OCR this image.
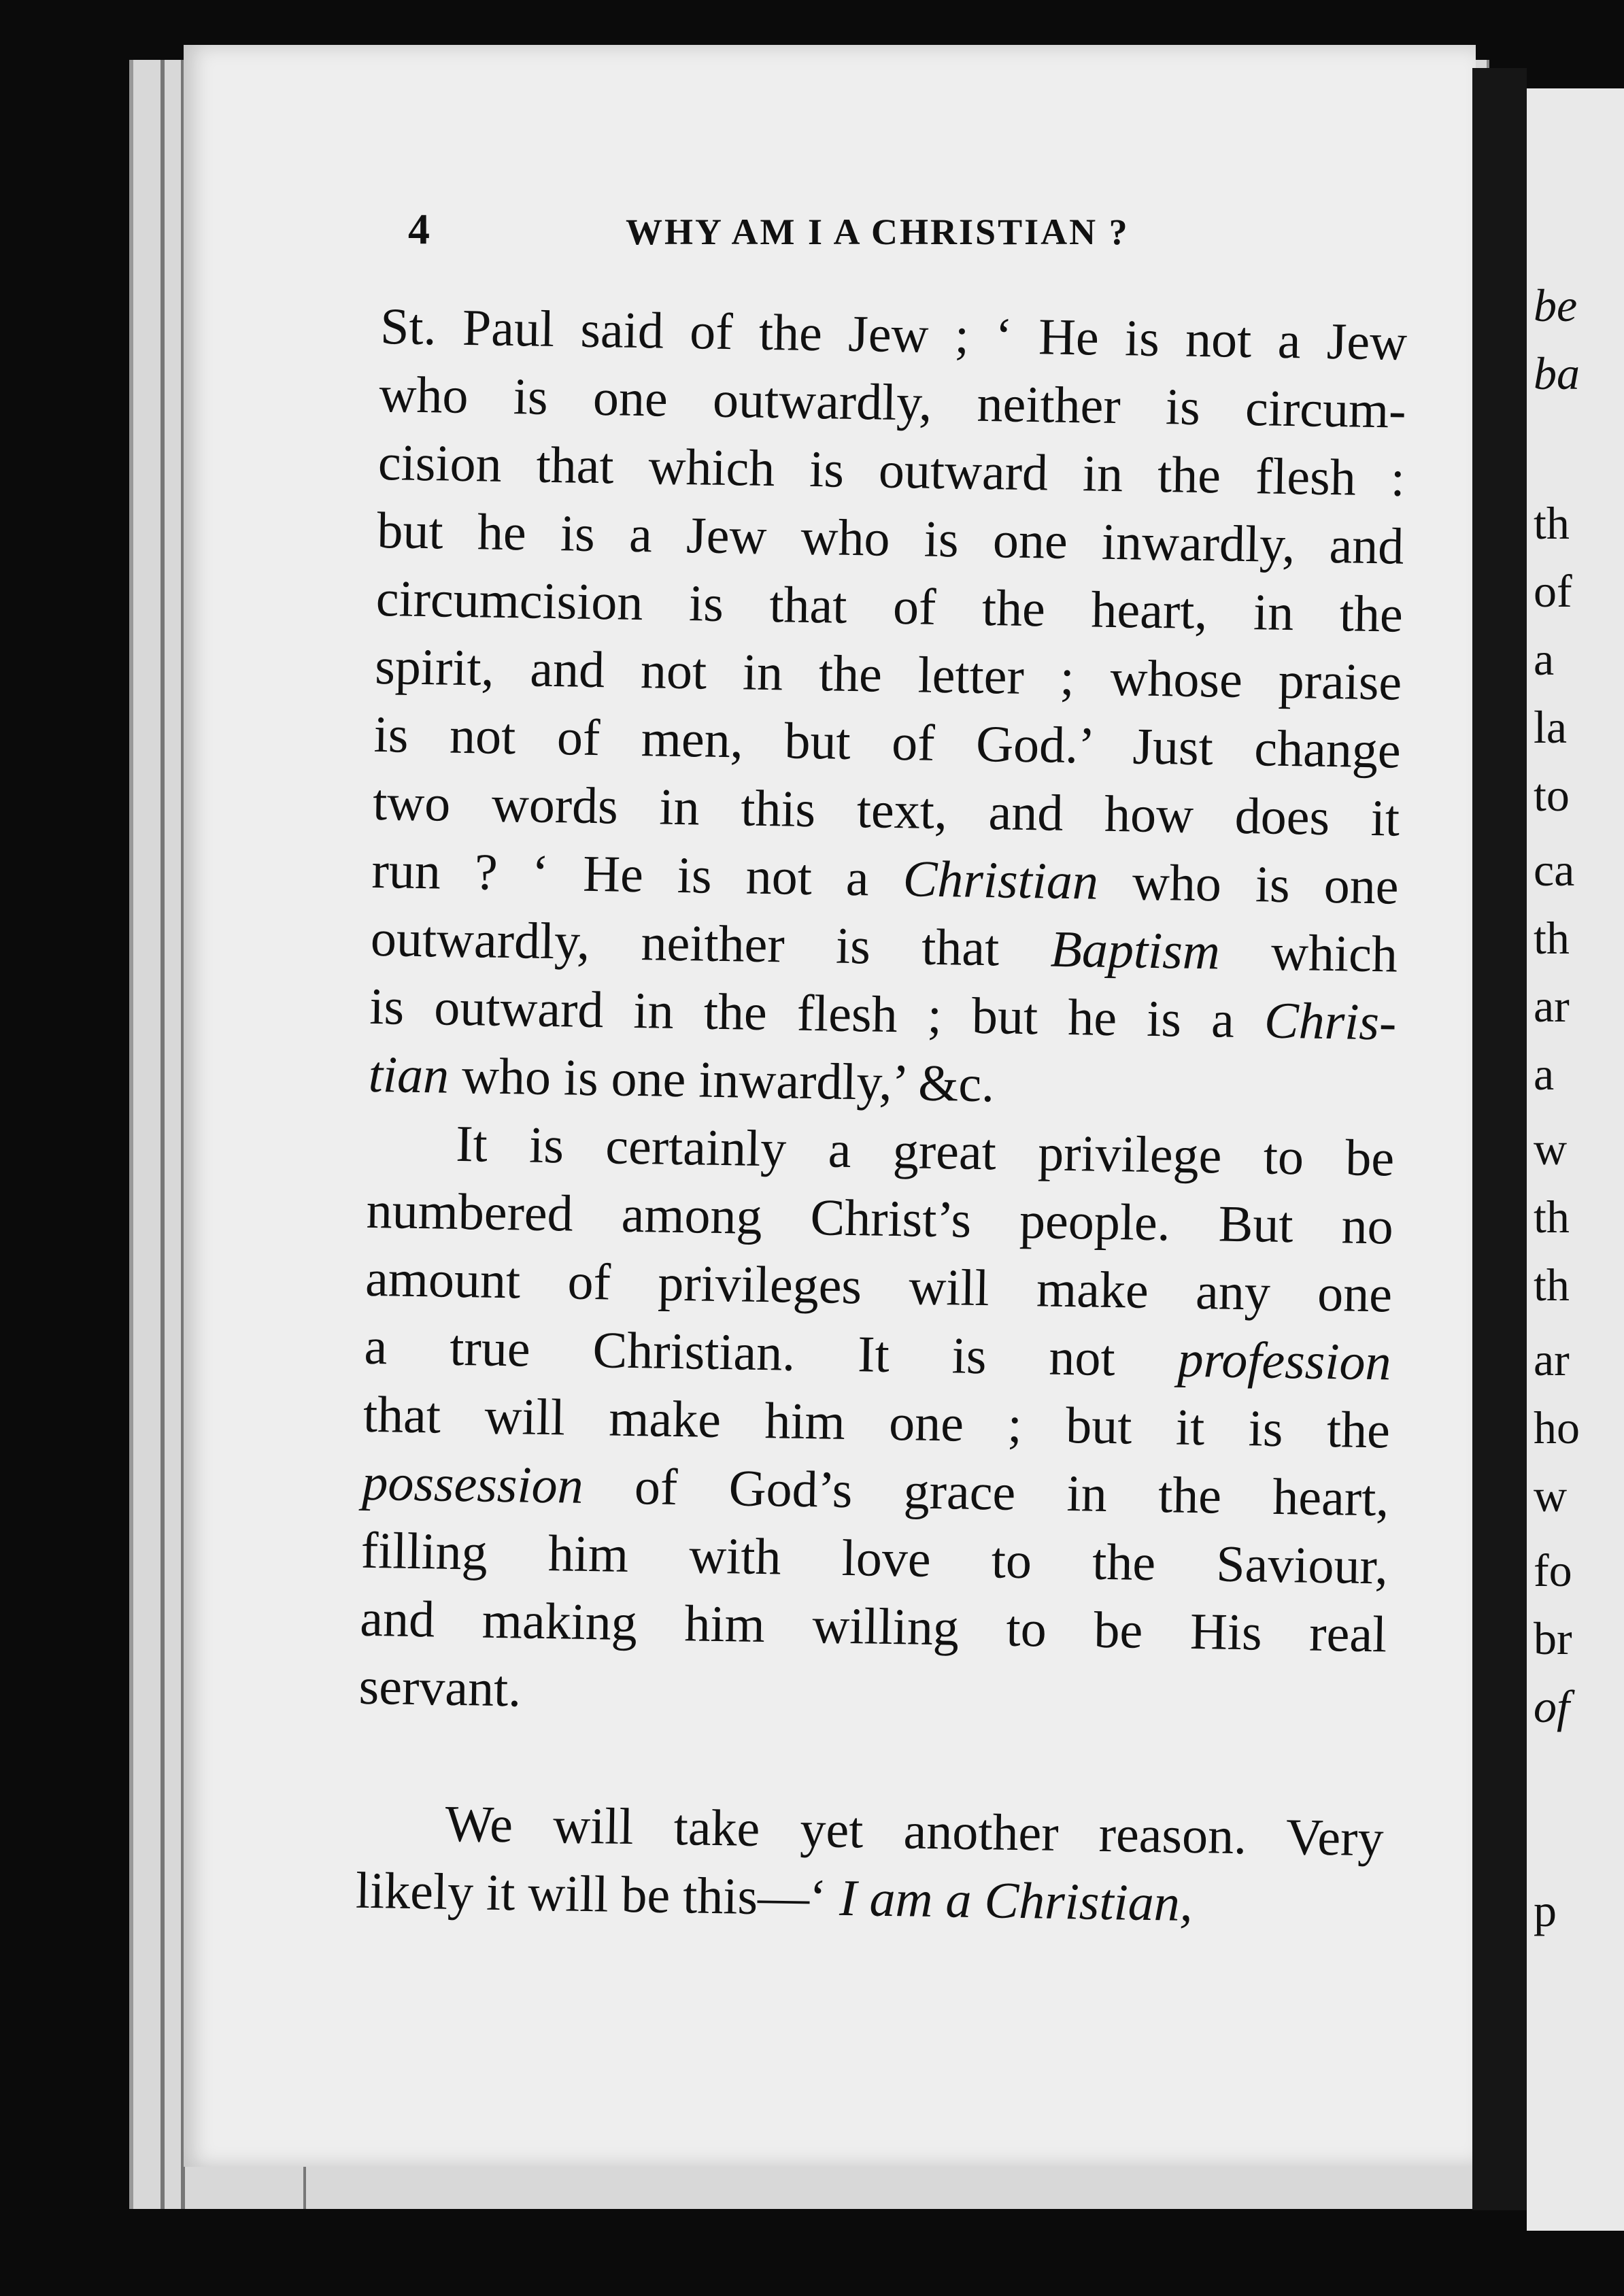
be
ba
th
of
a
la
to
ca
th
ar
a
w
th
th
ar
ho
w
fo
br
of
p
4	WHY AM I A CHRISTIAN ?
St. Paul said of the Jew ; ‘ He is not a Jew
who is one outwardly, neither is circum-
cision that which is outward in the flesh :
but he is a Jew who is one inwardly, and
circumcision is that of the heart, in the
spirit, and not in the letter ; whose praise
is not of men, but of God.’ Just change
two words in this text, and how does it
run ? ‘ He is not a Christian who is one
outwardly, neither is that Baptism which
is outward in the flesh ; but he is a Chris-
tian who is one inwardly,’ &c.
It is certainly a great privilege to be
numbered among Christ’s people. But no
amount of privileges will make any one
a true Christian. It is not profession
that will make him one ; but it is the
possession of God’s grace in the heart,
filling him with love to the Saviour,
and making him willing to be His real
servant.
We will take yet another reason. Very
likely it will be this—‘ I am a Christian,
